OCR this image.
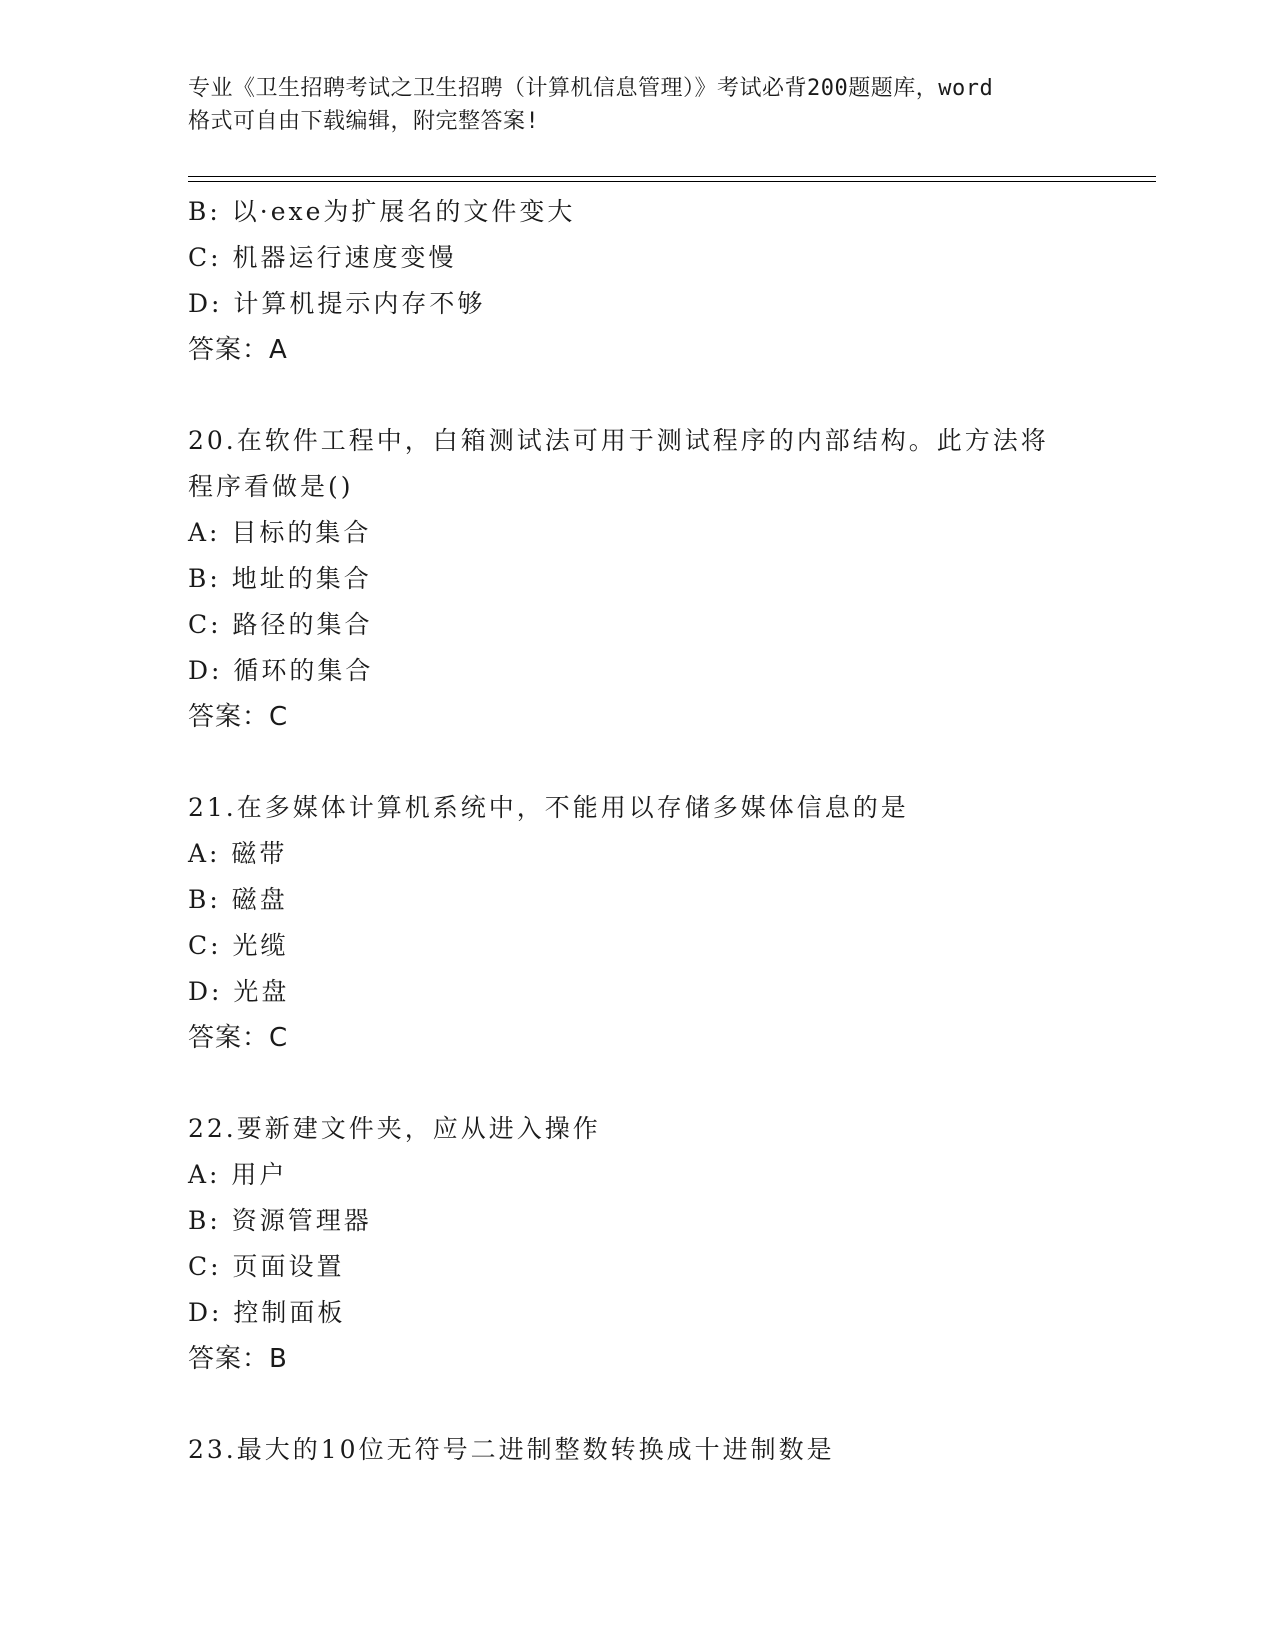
专业《卫生招聘考试之卫生招聘（计算机信息管理）》考试必背200题题库，word
格式可自由下载编辑，附完整答案!
B: 以·exe为扩展名的文件变大
C: 机器运行速度变慢
D: 计算机提示内存不够
答案：A
20.在软件工程中，白箱测试法可用于测试程序的内部结构。此方法将
程序看做是()
A: 目标的集合
B: 地址的集合
C: 路径的集合
D: 循环的集合
答案：C
21.在多媒体计算机系统中，不能用以存储多媒体信息的是
A: 磁带
B: 磁盘
C: 光缆
D: 光盘
答案：C
22.要新建文件夹，应从进入操作
A: 用户
B: 资源管理器
C: 页面设置
D: 控制面板
答案：B
23.最大的10位无符号二进制整数转换成十进制数是
